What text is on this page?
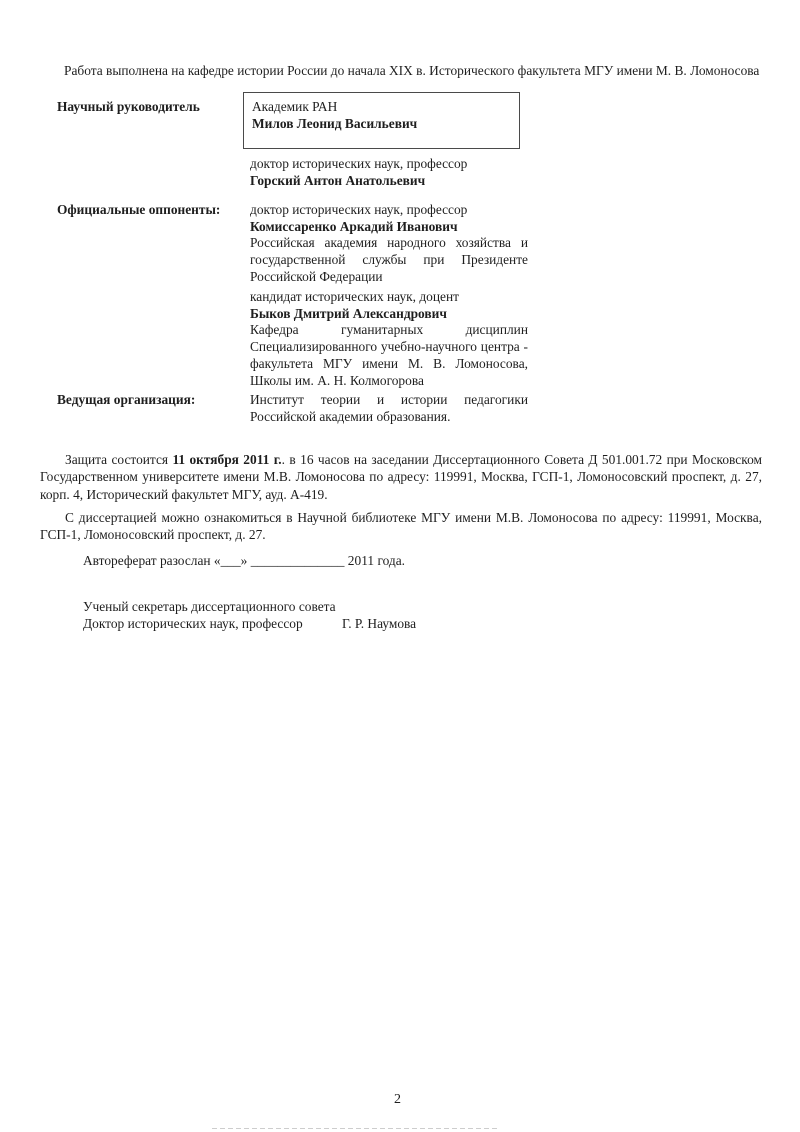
Работа выполнена на кафедре истории России до начала XIX в. Исторического факультета МГУ имени М. В. Ломоносова
Научный руководитель	Академик РАН
Милов Леонид Васильевич
доктор исторических наук, профессор
Горский Антон Анатольевич
Официальные оппоненты: доктор исторических наук, профессор
Комиссаренко Аркадий Иванович
Российская академия народного хозяйства и государственной службы при Президенте Российской Федерации
кандидат исторических наук, доцент
Быков Дмитрий Александрович
Кафедра гуманитарных дисциплин Специализированного учебно-научного центра - факультета МГУ имени М. В. Ломоносова, Школы им. А. Н. Колмогорова
Ведущая организация:	Институт теории и истории педагогики Российской академии образования.
Защита состоится 11 октября 2011 г.. в 16 часов на заседании Диссертационного Совета Д 501.001.72 при Московском Государственном университете имени М.В. Ломоносова по адресу: 119991, Москва, ГСП-1, Ломоносовский проспект, д. 27, корп. 4, Исторический факультет МГУ, ауд. А-419.
С диссертацией можно ознакомиться в Научной библиотеке МГУ имени М.В. Ломоносова по адресу: 119991, Москва, ГСП-1, Ломоносовский проспект, д. 27.
Автореферат разослан «___» ______________ 2011 года.
Ученый секретарь диссертационного совета
Доктор исторических наук, профессор	Г. Р. Наумова
2
